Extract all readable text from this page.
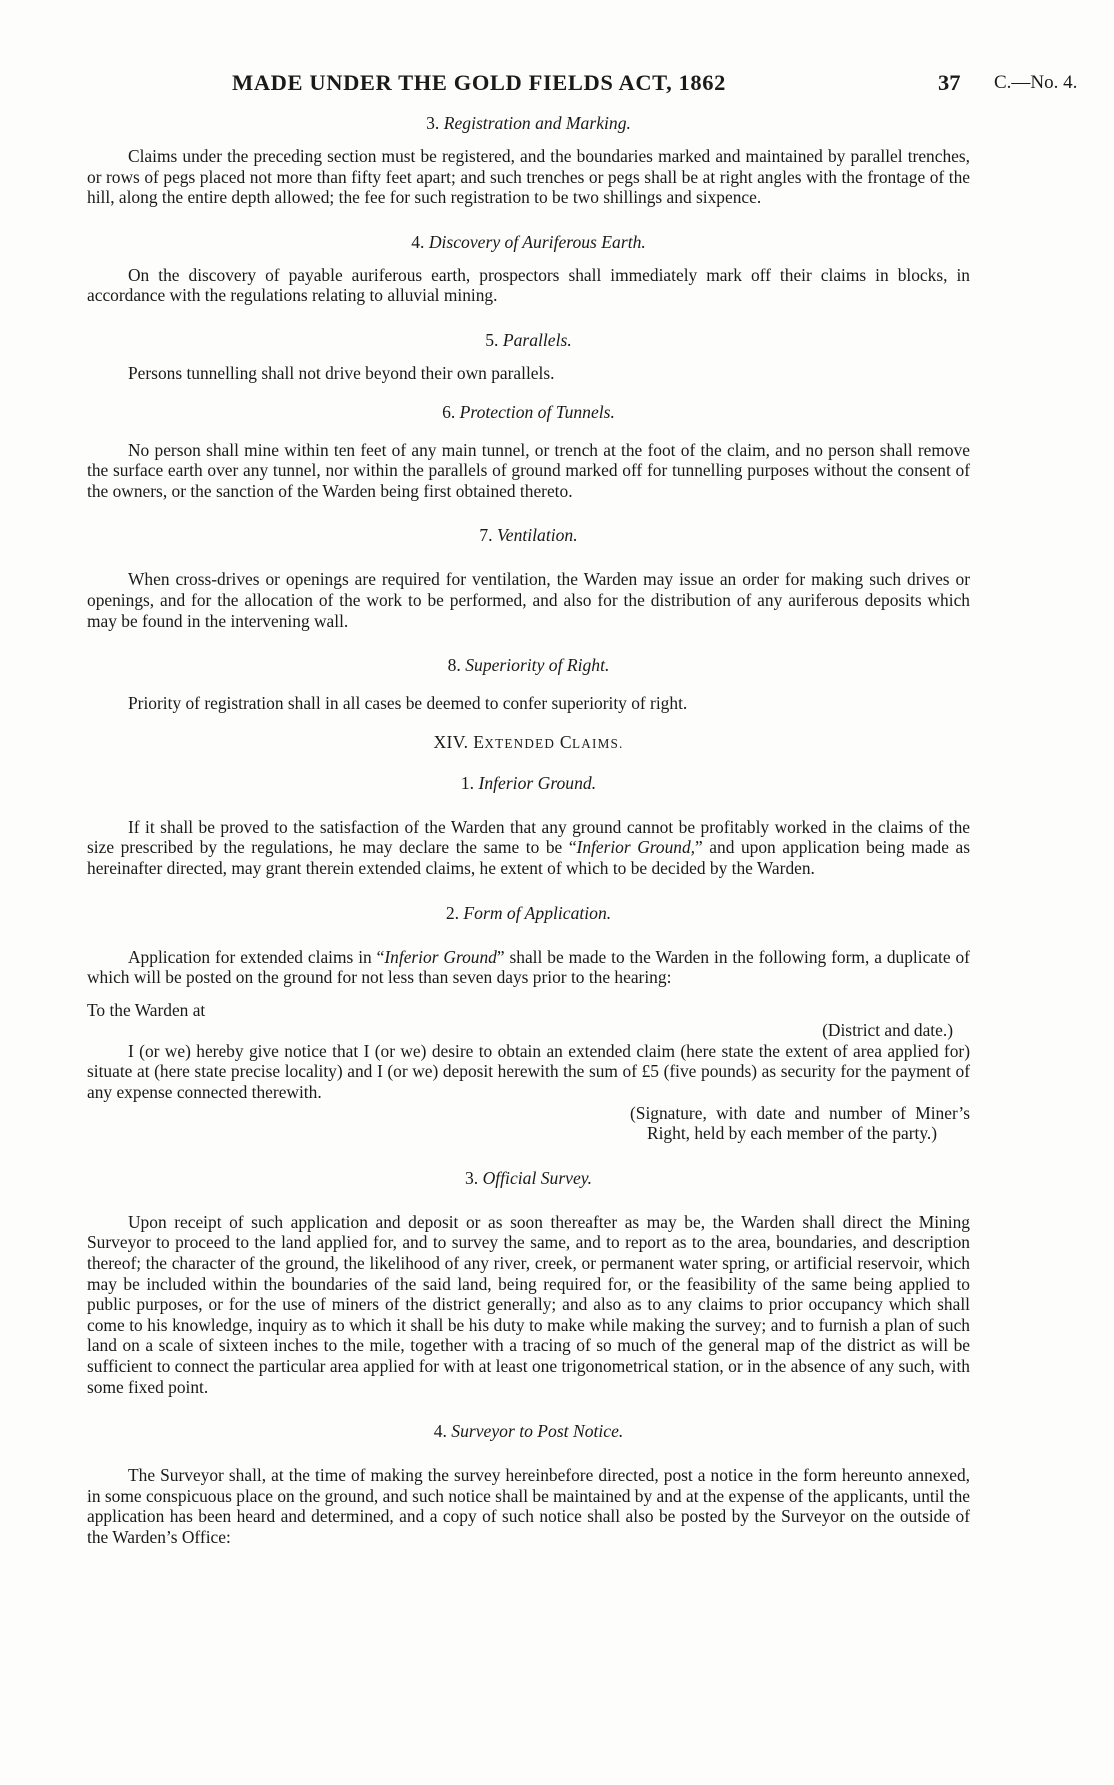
MADE UNDER THE GOLD FIELDS ACT, 1862	37 C.—No. 4.
3. Registration and Marking.

Claims under the preceding section must be registered, and the boundaries marked and maintained by parallel trenches, or rows of pegs placed not more than fifty feet apart; and such trenches or pegs shall be at right angles with the frontage of the hill, along the entire depth allowed; the fee for such registration to be two shillings and sixpence.

4. Discovery of Auriferous Earth.

On the discovery of payable auriferous earth, prospectors shall immediately mark off their claims in blocks, in accordance with the regulations relating to alluvial mining.

5. Parallels.

Persons tunnelling shall not drive beyond their own parallels.

6. Protection of Tunnels.

No person shall mine within ten feet of any main tunnel, or trench at the foot of the claim, and no person shall remove the surface earth over any tunnel, nor within the parallels of ground marked off for tunnelling purposes without the consent of the owners, or the sanction of the Warden being first obtained thereto.

7. Ventilation.

When cross-drives or openings are required for ventilation, the Warden may issue an order for making such drives or openings, and for the allocation of the work to be performed, and also for the distribution of any auriferous deposits which may be found in the intervening wall.

8. Superiority of Right.

Priority of registration shall in all cases be deemed to confer superiority of right.

XIV. EXTENDED CLAIMS.
1. Inferior Ground.

If it shall be proved to the satisfaction of the Warden that any ground cannot be profitably worked in the claims of the size prescribed by the regulations, he may declare the same to be “Inferior Ground,” and upon application being made as hereinafter directed, may grant therein extended claims, he extent of which to be decided by the Warden.

2. Form of Application.

Application for extended claims in “Inferior Ground” shall be made to the Warden in the following form, a duplicate of which will be posted on the ground for not less than seven days prior to the hearing:

To the Warden at

(District and date.)

I (or we) hereby give notice that I (or we) desire to obtain an extended claim (here state the extent of area applied for) situate at (here state precise locality) and I (or we) deposit herewith the sum of £5 (five pounds) as security for the payment of any expense connected therewith.

(Signature, with date and number of Miner’s Right, held by each member of the party.)
3. Official Survey.

Upon receipt of such application and deposit or as soon thereafter as may be, the Warden shall direct the Mining Surveyor to proceed to the land applied for, and to survey the same, and to report as to the area, boundaries, and description thereof; the character of the ground, the likelihood of any river, creek, or permanent water spring, or artificial reservoir, which may be included within the boundaries of the said land, being required for, or the feasibility of the same being applied to public purposes, or for the use of miners of the district generally; and also as to any claims to prior occupancy which shall come to his knowledge, inquiry as to which it shall be his duty to make while making the survey; and to furnish a plan of such land on a scale of sixteen inches to the mile, together with a tracing of so much of the general map of the district as will be sufficient to connect the particular area applied for with at least one trigonometrical station, or in the absence of any such, with some fixed point.

4. Surveyor to Post Notice.

The Surveyor shall, at the time of making the survey hereinbefore directed, post a notice in the form hereunto annexed, in some conspicuous place on the ground, and such notice shall be maintained by and at the expense of the applicants, until the application has been heard and determined, and a copy of such notice shall also be posted by the Surveyor on the outside of the Warden’s Office:
